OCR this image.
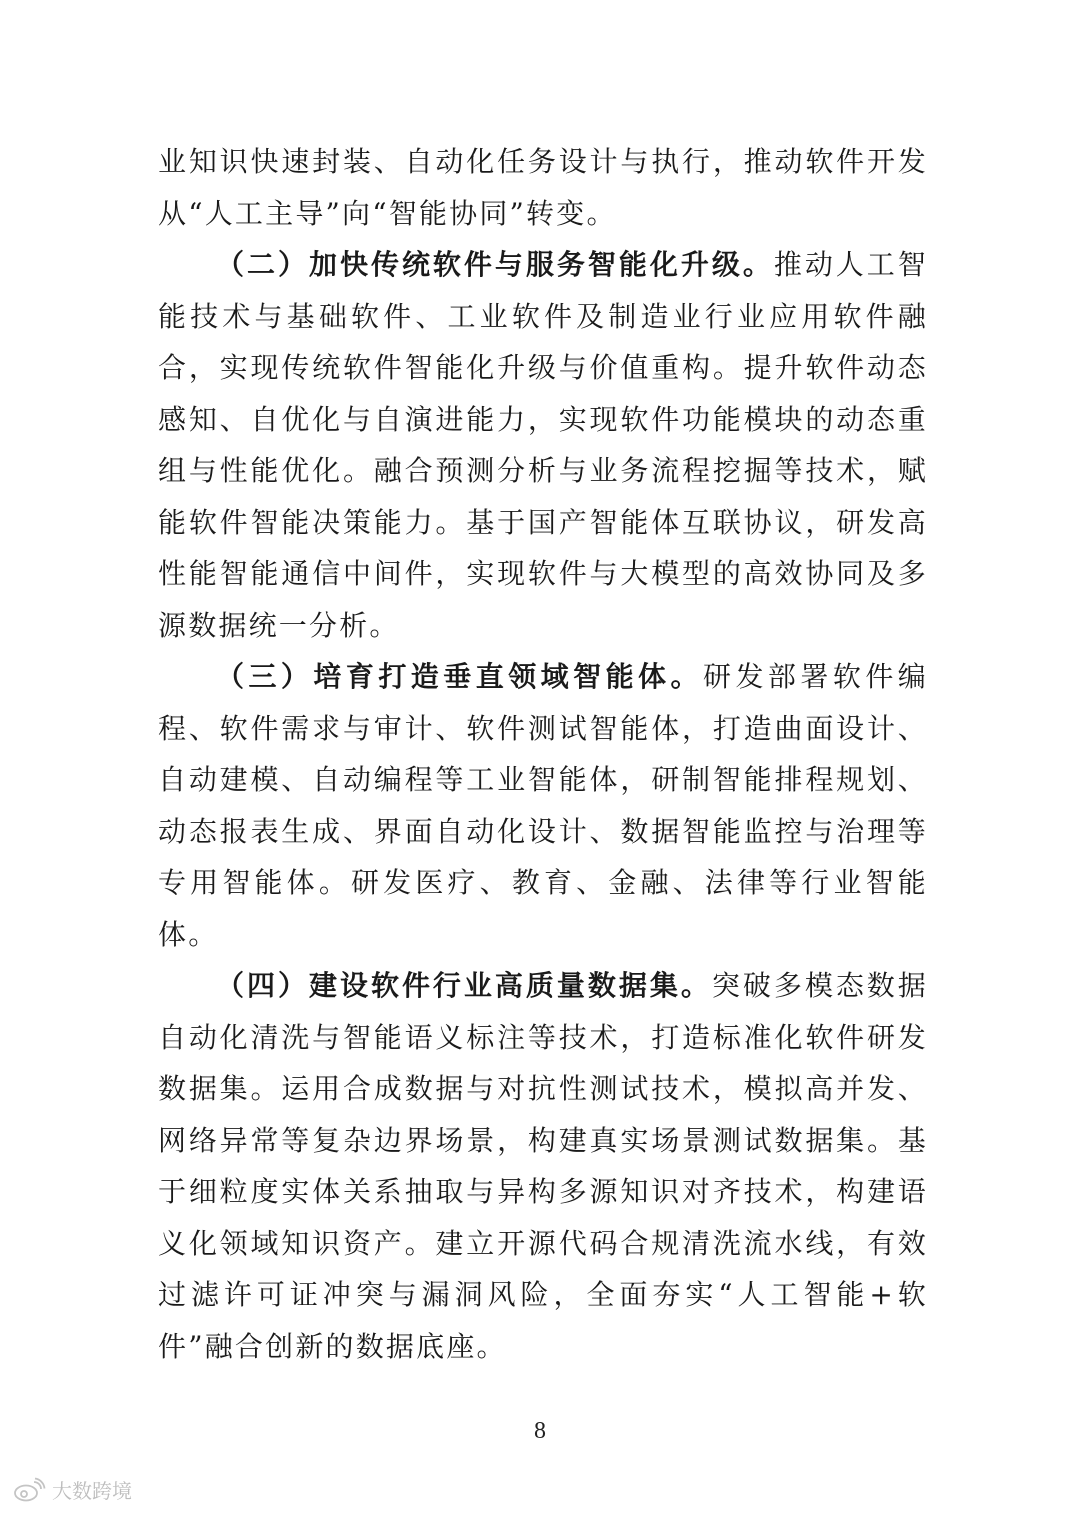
业知识快速封装、自动化任务设计与执行，推动软件开发从“人工主导”向“智能协同”转变。

（二）加快传统软件与服务智能化升级。推动人工智能技术与基础软件、工业软件及制造业行业应用软件融合，实现传统软件智能化升级与价值重构。提升软件动态感知、自优化与自演进能力，实现软件功能模块的动态重组与性能优化。融合预测分析与业务流程挖掘等技术，赋能软件智能决策能力。基于国产智能体互联协议，研发高性能智能通信中间件，实现软件与大模型的高效协同及多源数据统一分析。

（三）培育打造垂直领域智能体。研发部署软件编程、软件需求与审计、软件测试智能体，打造曲面设计、自动建模、自动编程等工业智能体，研制智能排程规划、动态报表生成、界面自动化设计、数据智能监控与治理等专用智能体。研发医疗、教育、金融、法律等行业智能体。

（四）建设软件行业高质量数据集。突破多模态数据自动化清洗与智能语义标注等技术，打造标准化软件研发数据集。运用合成数据与对抗性测试技术，模拟高并发、网络异常等复杂边界场景，构建真实场景测试数据集。基于细粒度实体关系抽取与异构多源知识对齐技术，构建语义化领域知识资产。建立开源代码合规清洗流水线，有效过滤许可证冲突与漏洞风险，全面夯实“人工智能+软件”融合创新的数据底座。

8
大数跨境
